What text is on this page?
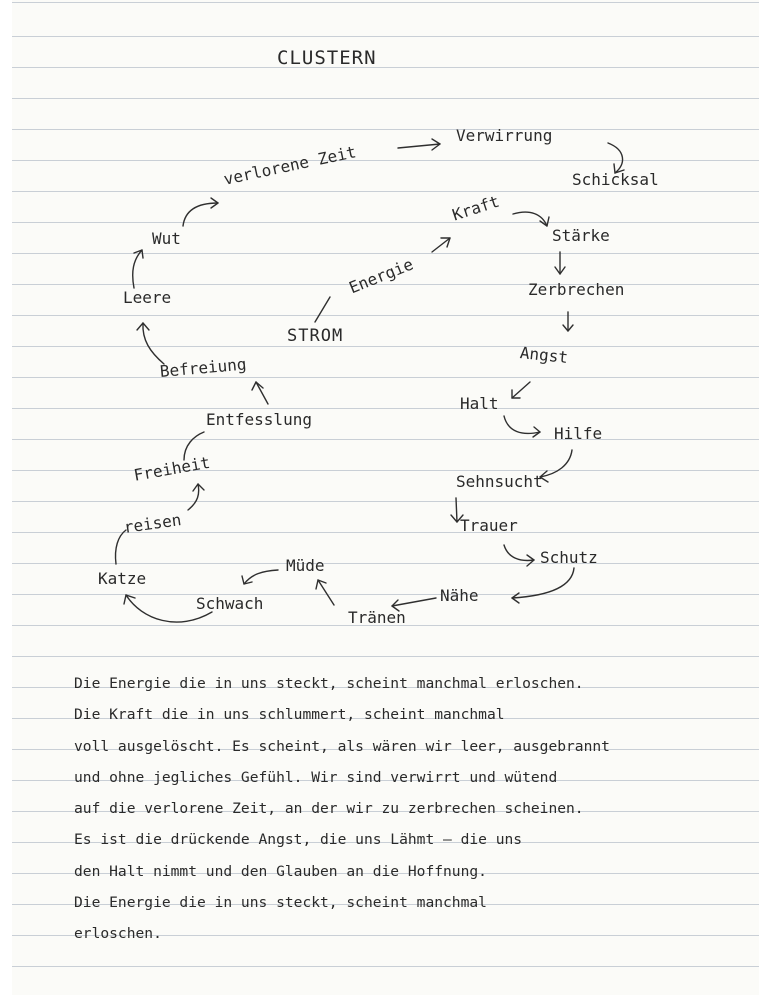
CLUSTERN
verlorene Zeit
Verwirrung
Schicksal
Wut
Leere
Kraft
Stärke
Energie	Zerbrechen
STROM
Angst
Befreiung
Halt
Hilfe
Entfesslung
Freiheit	Sehnsucht
reisen	Trauer
Schutz
Katze
Müde
Schwach	Nähe
Tränen
Die Energie die in uns steckt, scheint manchmal erloschen.
Die Kraft die in uns schlummert, scheint manchmal
voll ausgelöscht. Es scheint, als wären wir leer, ausgebrannt
und ohne jegliches Gefühl. Wir sind verwirrt und wütend
auf die verlorene Zeit, an der wir zu zerbrechen scheinen.
Es ist die drückende Angst, die uns Lähmt – die uns
den Halt nimmt und den Glauben an die Hoffnung.
Die Energie die in uns steckt, scheint manchmal
erloschen.
